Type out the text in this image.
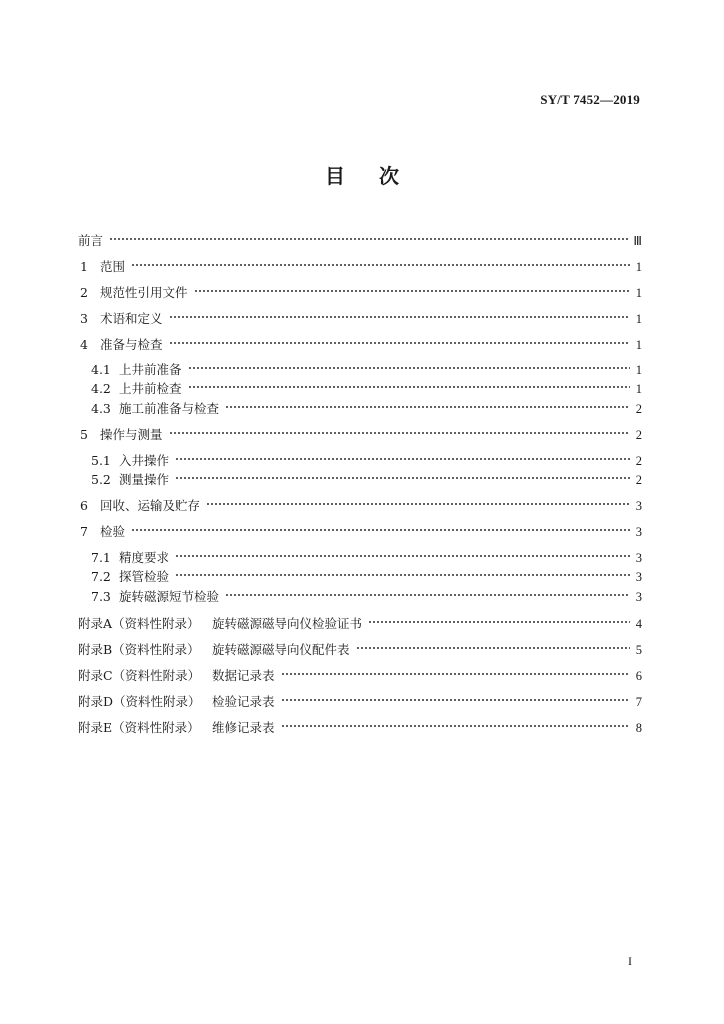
SY/T 7452—2019
目次
前言	Ⅲ
1 范围	1
2 规范性引用文件	1
3 术语和定义	1
4 准备与检查	1
4.1 上井前准备	1
4.2 上井前检查	1
4.3 施工前准备与检查	2
5 操作与测量	2
5.1 入井操作	2
5.2 测量操作	2
6 回收、运输及贮存	3
7 检验	3
7.1 精度要求	3
7.2 探管检验	3
7.3 旋转磁源短节检验	3
附录A（资料性附录） 旋转磁源磁导向仪检验证书	4
附录B（资料性附录） 旋转磁源磁导向仪配件表	5
附录C（资料性附录） 数据记录表	6
附录D（资料性附录） 检验记录表	7
附录E（资料性附录） 维修记录表	8
I
